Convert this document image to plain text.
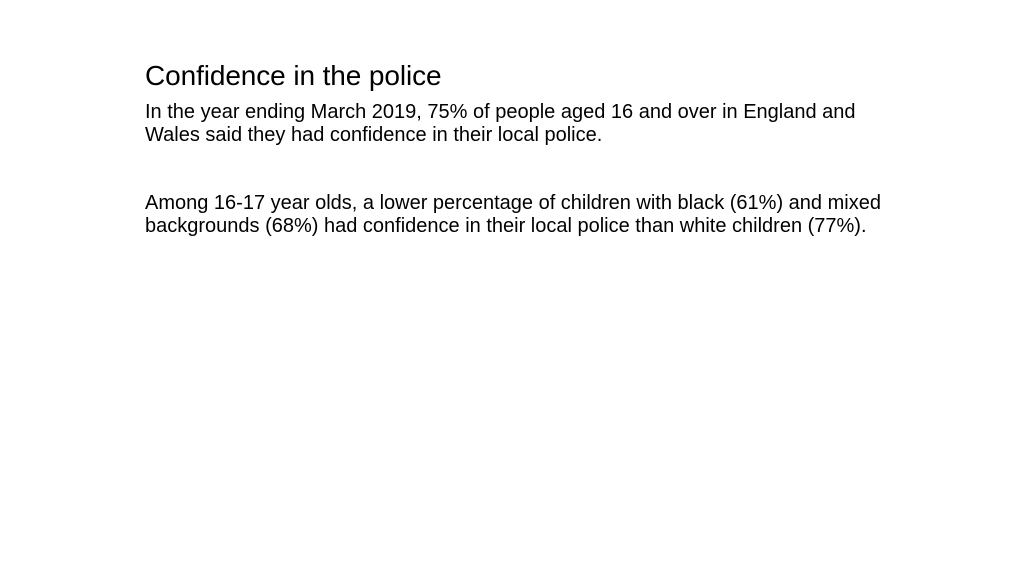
Confidence in the police

In the year ending March 2019, 75% of people aged 16 and over in England and Wales said they had confidence in their local police.

Among 16-17 year olds, a lower percentage of children with black (61%) and mixed backgrounds (68%) had confidence in their local police than white children (77%).
